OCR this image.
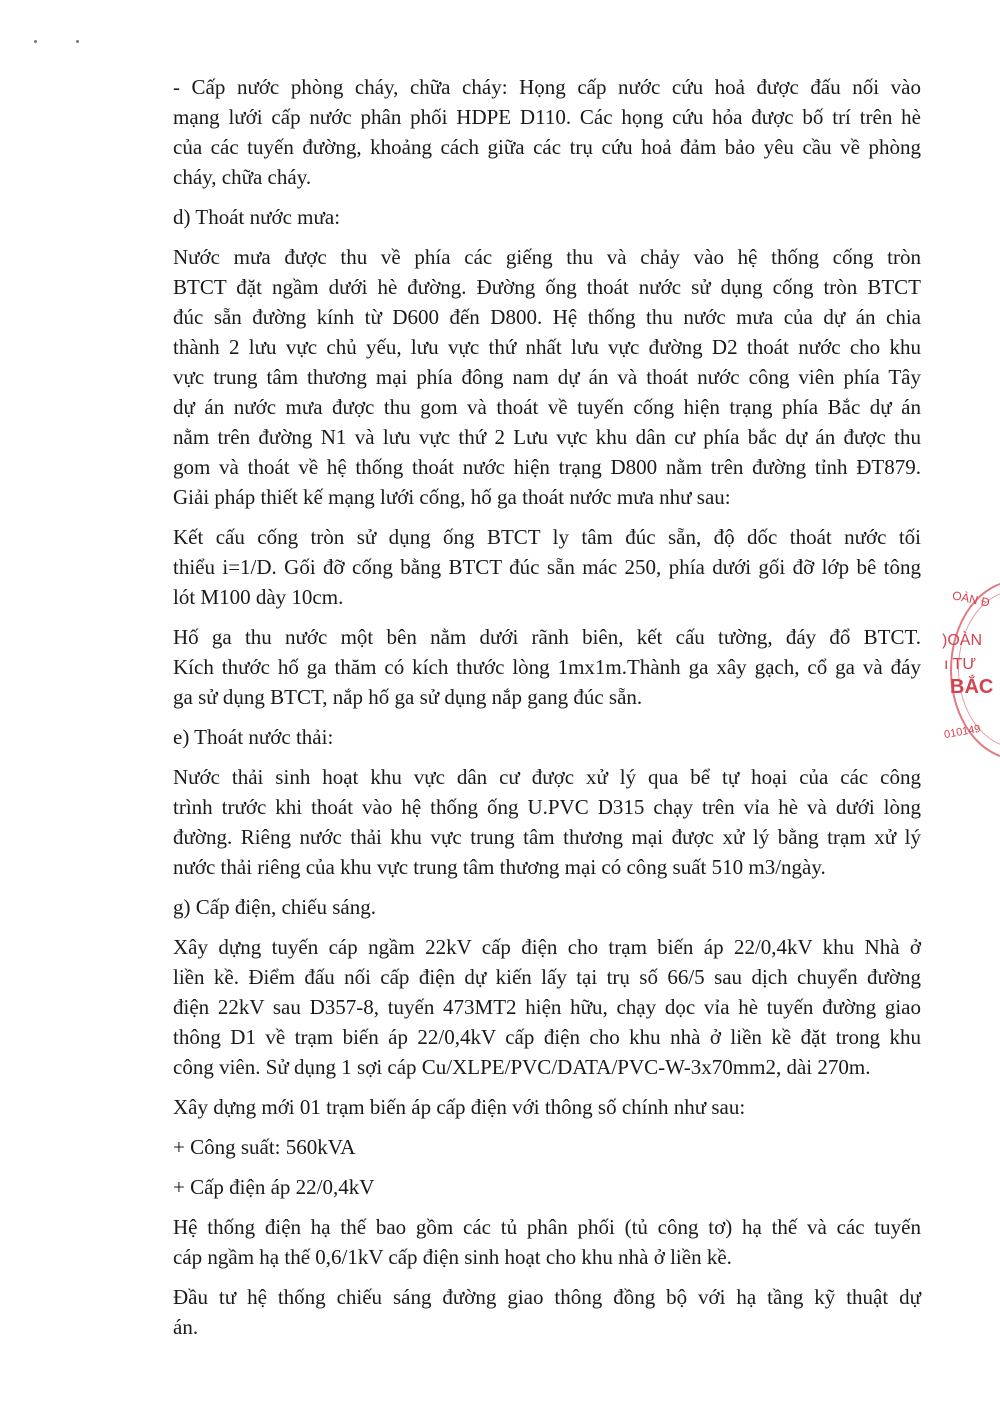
- Cấp nước phòng cháy, chữa cháy: Họng cấp nước cứu hoả được đấu nối vào
mạng lưới cấp nước phân phối HDPE D110. Các họng cứu hỏa được bố trí trên hè
của các tuyến đường, khoảng cách giữa các trụ cứu hoả đảm bảo yêu cầu về phòng
cháy, chữa cháy.

d) Thoát nước mưa:

Nước mưa được thu về phía các giếng thu và chảy vào hệ thống cống tròn
BTCT đặt ngầm dưới hè đường. Đường ống thoát nước sử dụng cống tròn BTCT
đúc sẵn đường kính từ D600 đến D800. Hệ thống thu nước mưa của dự án chia
thành 2 lưu vực chủ yếu, lưu vực thứ nhất lưu vực đường D2 thoát nước cho khu
vực trung tâm thương mại phía đông nam dự án và thoát nước công viên phía Tây
dự án nước mưa được thu gom và thoát về tuyến cống hiện trạng phía Bắc dự án
nằm trên đường N1 và lưu vực thứ 2 Lưu vực khu dân cư phía bắc dự án được thu
gom và thoát về hệ thống thoát nước hiện trạng D800 nằm trên đường tỉnh ĐT879.
Giải pháp thiết kế mạng lưới cống, hố ga thoát nước mưa như sau:

Kết cấu cống tròn sử dụng ống BTCT ly tâm đúc sẵn, độ dốc thoát nước tối
thiểu i=1/D. Gối đỡ cống bằng BTCT đúc sẵn mác 250, phía dưới gối đỡ lớp bê tông
lót M100 dày 10cm.

Hố ga thu nước một bên nằm dưới rãnh biên, kết cấu tường, đáy đổ BTCT.
Kích thước hố ga thăm có kích thước lòng 1mx1m.Thành ga xây gạch, cổ ga và đáy
ga sử dụng BTCT, nắp hố ga sử dụng nắp gang đúc sẵn.

e) Thoát nước thải:

Nước thải sinh hoạt khu vực dân cư được xử lý qua bể tự hoại của các công
trình trước khi thoát vào hệ thống ống U.PVC D315 chạy trên vỉa hè và dưới lòng
đường. Riêng nước thải khu vực trung tâm thương mại được xử lý bằng trạm xử lý
nước thải riêng của khu vực trung tâm thương mại có công suất 510 m3/ngày.

g) Cấp điện, chiếu sáng.

Xây dựng tuyến cáp ngầm 22kV cấp điện cho trạm biến áp 22/0,4kV khu Nhà ở
liền kề. Điểm đấu nối cấp điện dự kiến lấy tại trụ số 66/5 sau dịch chuyển đường
điện 22kV sau D357-8, tuyến 473MT2 hiện hữu, chạy dọc vỉa hè tuyến đường giao
thông D1 về trạm biến áp 22/0,4kV cấp điện cho khu nhà ở liền kề đặt trong khu
công viên. Sử dụng 1 sợi cáp Cu/XLPE/PVC/DATA/PVC-W-3x70mm2, dài 270m.

Xây dựng mới 01 trạm biến áp cấp điện với thông số chính như sau:

+ Công suất: 560kVA

+ Cấp điện áp 22/0,4kV

Hệ thống điện hạ thế bao gồm các tủ phân phối (tủ công tơ) hạ thế và các tuyến
cáp ngầm hạ thế 0,6/1kV cấp điện sinh hoạt cho khu nhà ở liền kề.

Đầu tư hệ thống chiếu sáng đường giao thông đồng bộ với hạ tầng kỹ thuật dự
án.

OÀN Đ
)OÀN
ı TƯ
BẮC
010149
